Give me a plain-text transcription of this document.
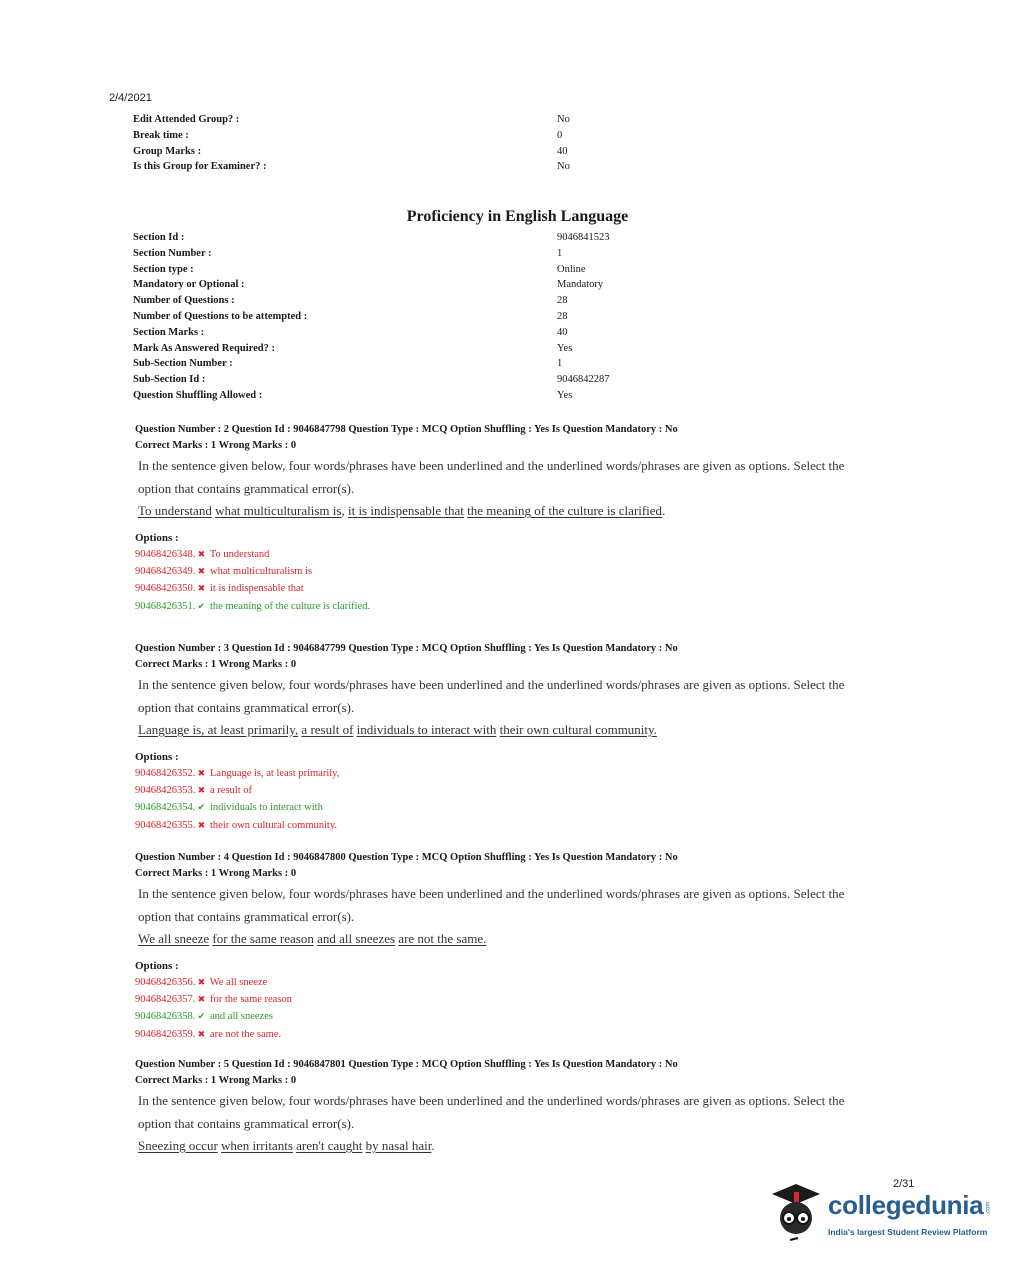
2/4/2021
Edit Attended Group? :	No
Break time :	0
Group Marks :	40
Is this Group for Examiner? :	No
Proficiency in English Language
Section Id :	9046841523
Section Number :	1
Section type :	Online
Mandatory or Optional :	Mandatory
Number of Questions :	28
Number of Questions to be attempted :	28
Section Marks :	40
Mark As Answered Required? :	Yes
Sub-Section Number :	1
Sub-Section Id :	9046842287
Question Shuffling Allowed :	Yes
Question Number : 2 Question Id : 9046847798 Question Type : MCQ Option Shuffling : Yes Is Question Mandatory : No
Correct Marks : 1 Wrong Marks : 0
In the sentence given below, four words/phrases have been underlined and the underlined words/phrases are given as options. Select the
option that contains grammatical error(s).
To understand what multiculturalism is, it is indispensable that the meaning of the culture is clarified.
Options :
90468426348. ✖ To understand
90468426349. ✖ what multiculturalism is
90468426350. ✖ it is indispensable that
90468426351. ✔ the meaning of the culture is clarified.
Question Number : 3 Question Id : 9046847799 Question Type : MCQ Option Shuffling : Yes Is Question Mandatory : No
Correct Marks : 1 Wrong Marks : 0
In the sentence given below, four words/phrases have been underlined and the underlined words/phrases are given as options. Select the
option that contains grammatical error(s).
Language is, at least primarily, a result of individuals to interact with their own cultural community.
Options :
90468426352. ✖ Language is, at least primarily,
90468426353. ✖ a result of
90468426354. ✔ individuals to interact with
90468426355. ✖ their own cultural community.
Question Number : 4 Question Id : 9046847800 Question Type : MCQ Option Shuffling : Yes Is Question Mandatory : No
Correct Marks : 1 Wrong Marks : 0
In the sentence given below, four words/phrases have been underlined and the underlined words/phrases are given as options. Select the
option that contains grammatical error(s).
We all sneeze for the same reason and all sneezes are not the same.
Options :
90468426356. ✖ We all sneeze
90468426357. ✖ for the same reason
90468426358. ✔ and all sneezes
90468426359. ✖ are not the same.
Question Number : 5 Question Id : 9046847801 Question Type : MCQ Option Shuffling : Yes Is Question Mandatory : No
Correct Marks : 1 Wrong Marks : 0
In the sentence given below, four words/phrases have been underlined and the underlined words/phrases are given as options. Select the
option that contains grammatical error(s).
Sneezing occur when irritants aren't caught by nasal hair.
2/31
collegedunia .com
India's largest Student Review Platform
